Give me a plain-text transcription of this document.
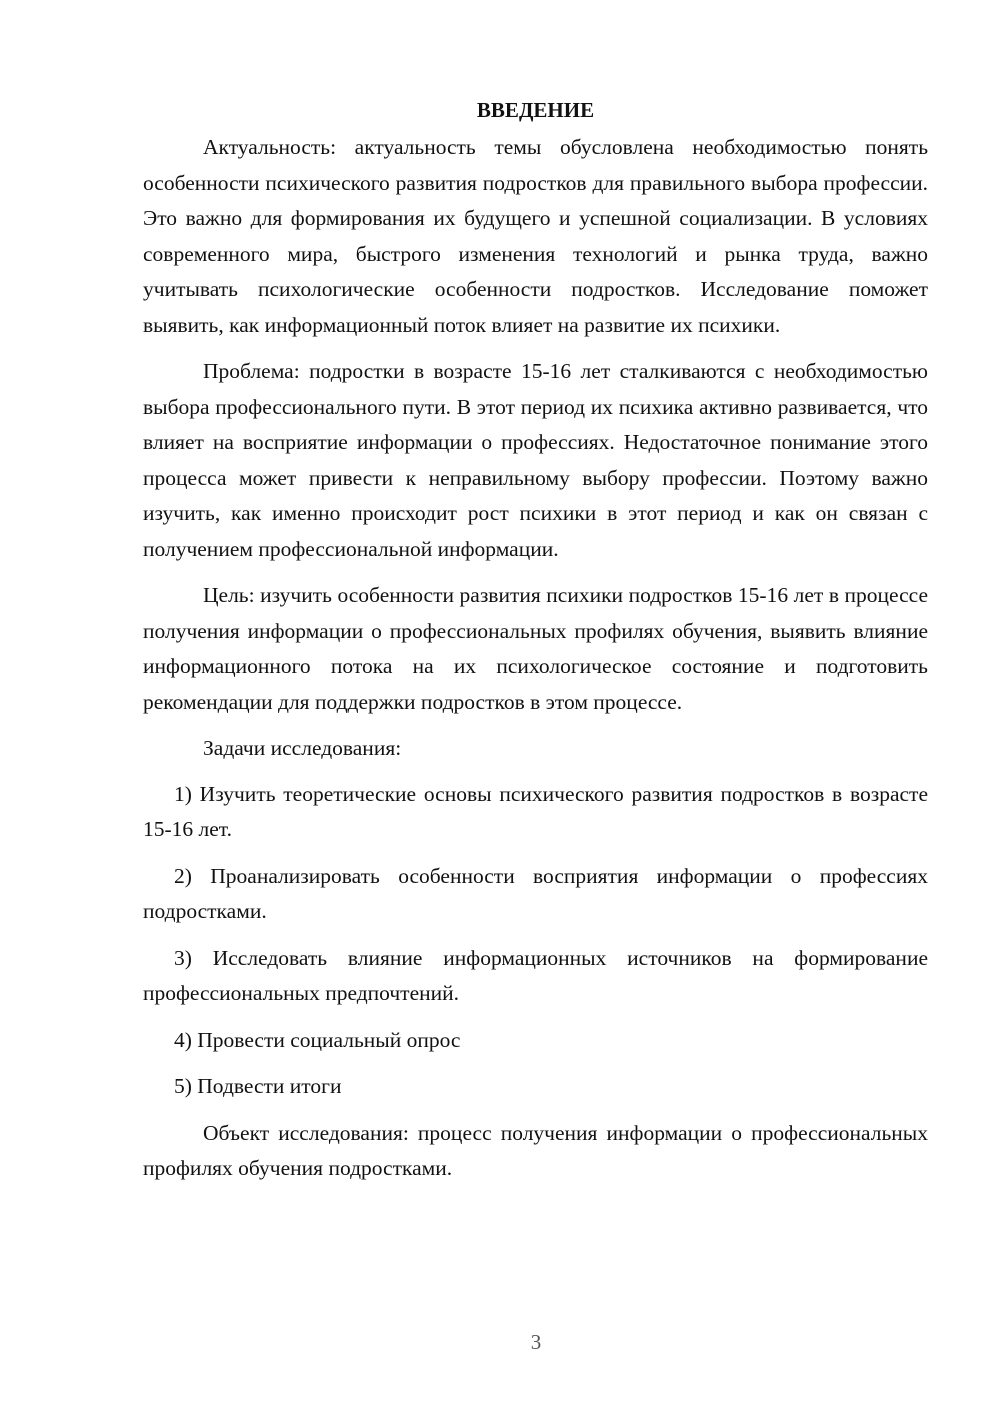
ВВЕДЕНИЕ

Актуальность: актуальность темы обусловлена необходимостью понять особенности психического развития подростков для правильного выбора профессии. Это важно для формирования их будущего и успешной социализации. В условиях современного мира, быстрого изменения технологий и рынка труда, важно учитывать психологические особенности подростков. Исследование поможет выявить, как информационный поток влияет на развитие их психики.

Проблема: подростки в возрасте 15-16 лет сталкиваются с необходимостью выбора профессионального пути. В этот период их психика активно развивается, что влияет на восприятие информации о профессиях. Недостаточное понимание этого процесса может привести к неправильному выбору профессии. Поэтому важно изучить, как именно происходит рост психики в этот период и как он связан с получением профессиональной информации.

Цель: изучить особенности развития психики подростков 15-16 лет в процессе получения информации о профессиональных профилях обучения, выявить влияние информационного потока на их психологическое состояние и подготовить рекомендации для поддержки подростков в этом процессе.

Задачи исследования:

1) Изучить теоретические основы психического развития подростков в возрасте 15-16 лет.

2) Проанализировать особенности восприятия информации о профессиях подростками.

3) Исследовать влияние информационных источников на формирование профессиональных предпочтений.

4) Провести социальный опрос

5) Подвести итоги

Объект исследования: процесс получения информации о профессиональных профилях обучения подростками.

3
